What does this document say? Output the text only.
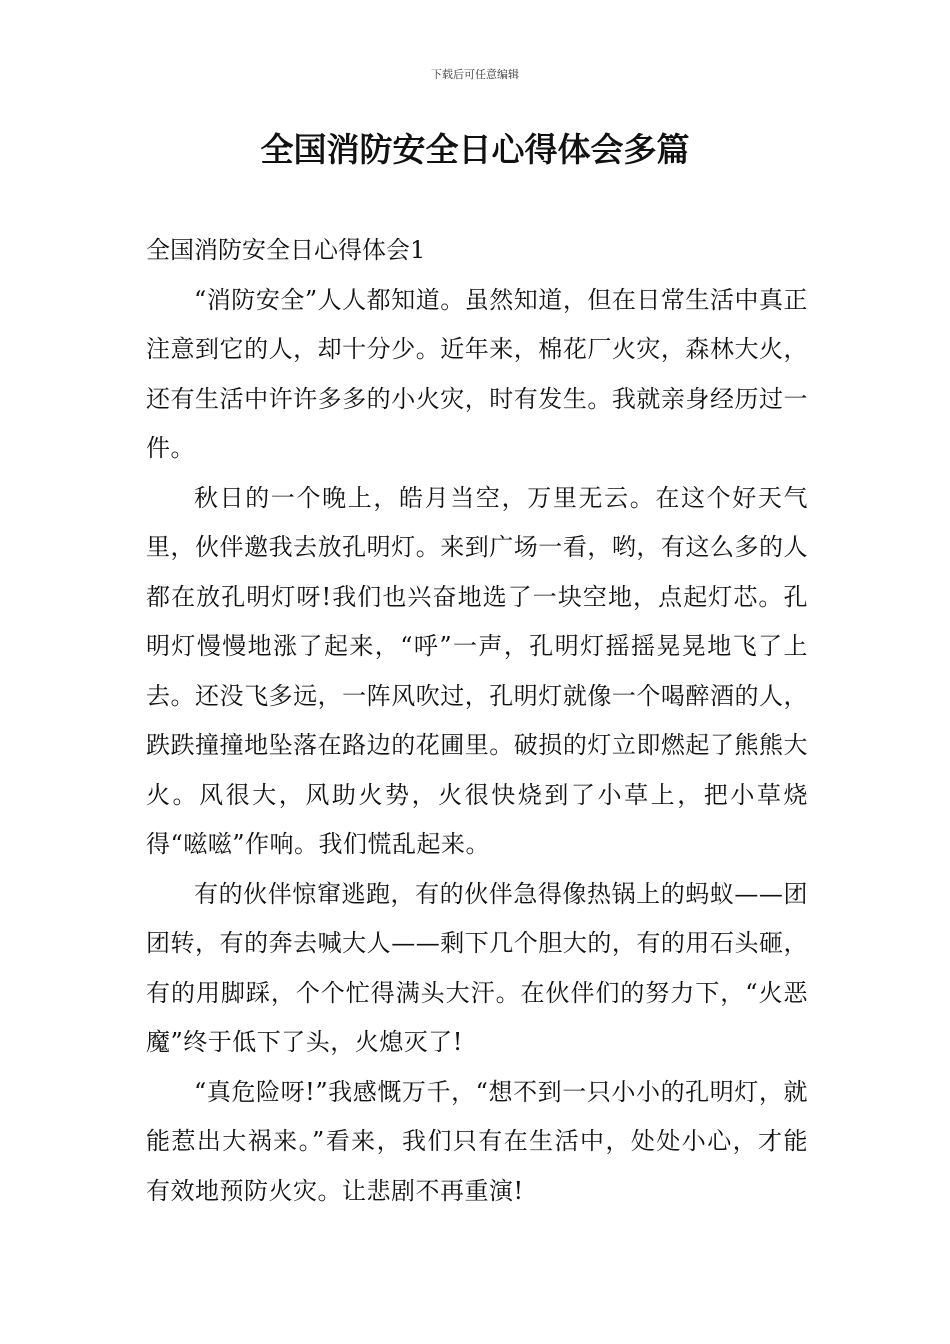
下载后可任意编辑
全国消防安全日心得体会多篇
全国消防安全日心得体会1

“消防安全”人人都知道。虽然知道，但在日常生活中真正注意到它的人，却十分少。近年来，棉花厂火灾，森林大火，还有生活中许许多多的小火灾，时有发生。我就亲身经历过一件。

秋日的一个晚上，皓月当空，万里无云。在这个好天气里，伙伴邀我去放孔明灯。来到广场一看，哟，有这么多的人都在放孔明灯呀!我们也兴奋地选了一块空地，点起灯芯。孔明灯慢慢地涨了起来，“呼”一声，孔明灯摇摇晃晃地飞了上去。还没飞多远，一阵风吹过，孔明灯就像一个喝醉酒的人，跌跌撞撞地坠落在路边的花圃里。破损的灯立即燃起了熊熊大火。风很大，风助火势，火很快烧到了小草上，把小草烧得“嗞嗞”作响。我们慌乱起来。

有的伙伴惊窜逃跑，有的伙伴急得像热锅上的蚂蚁——团团转，有的奔去喊大人——剩下几个胆大的，有的用石头砸，有的用脚踩，个个忙得满头大汗。在伙伴们的努力下，“火恶魔”终于低下了头，火熄灭了!

“真危险呀!”我感慨万千，“想不到一只小小的孔明灯，就能惹出大祸来。”看来，我们只有在生活中，处处小心，才能有效地预防火灾。让悲剧不再重演!
